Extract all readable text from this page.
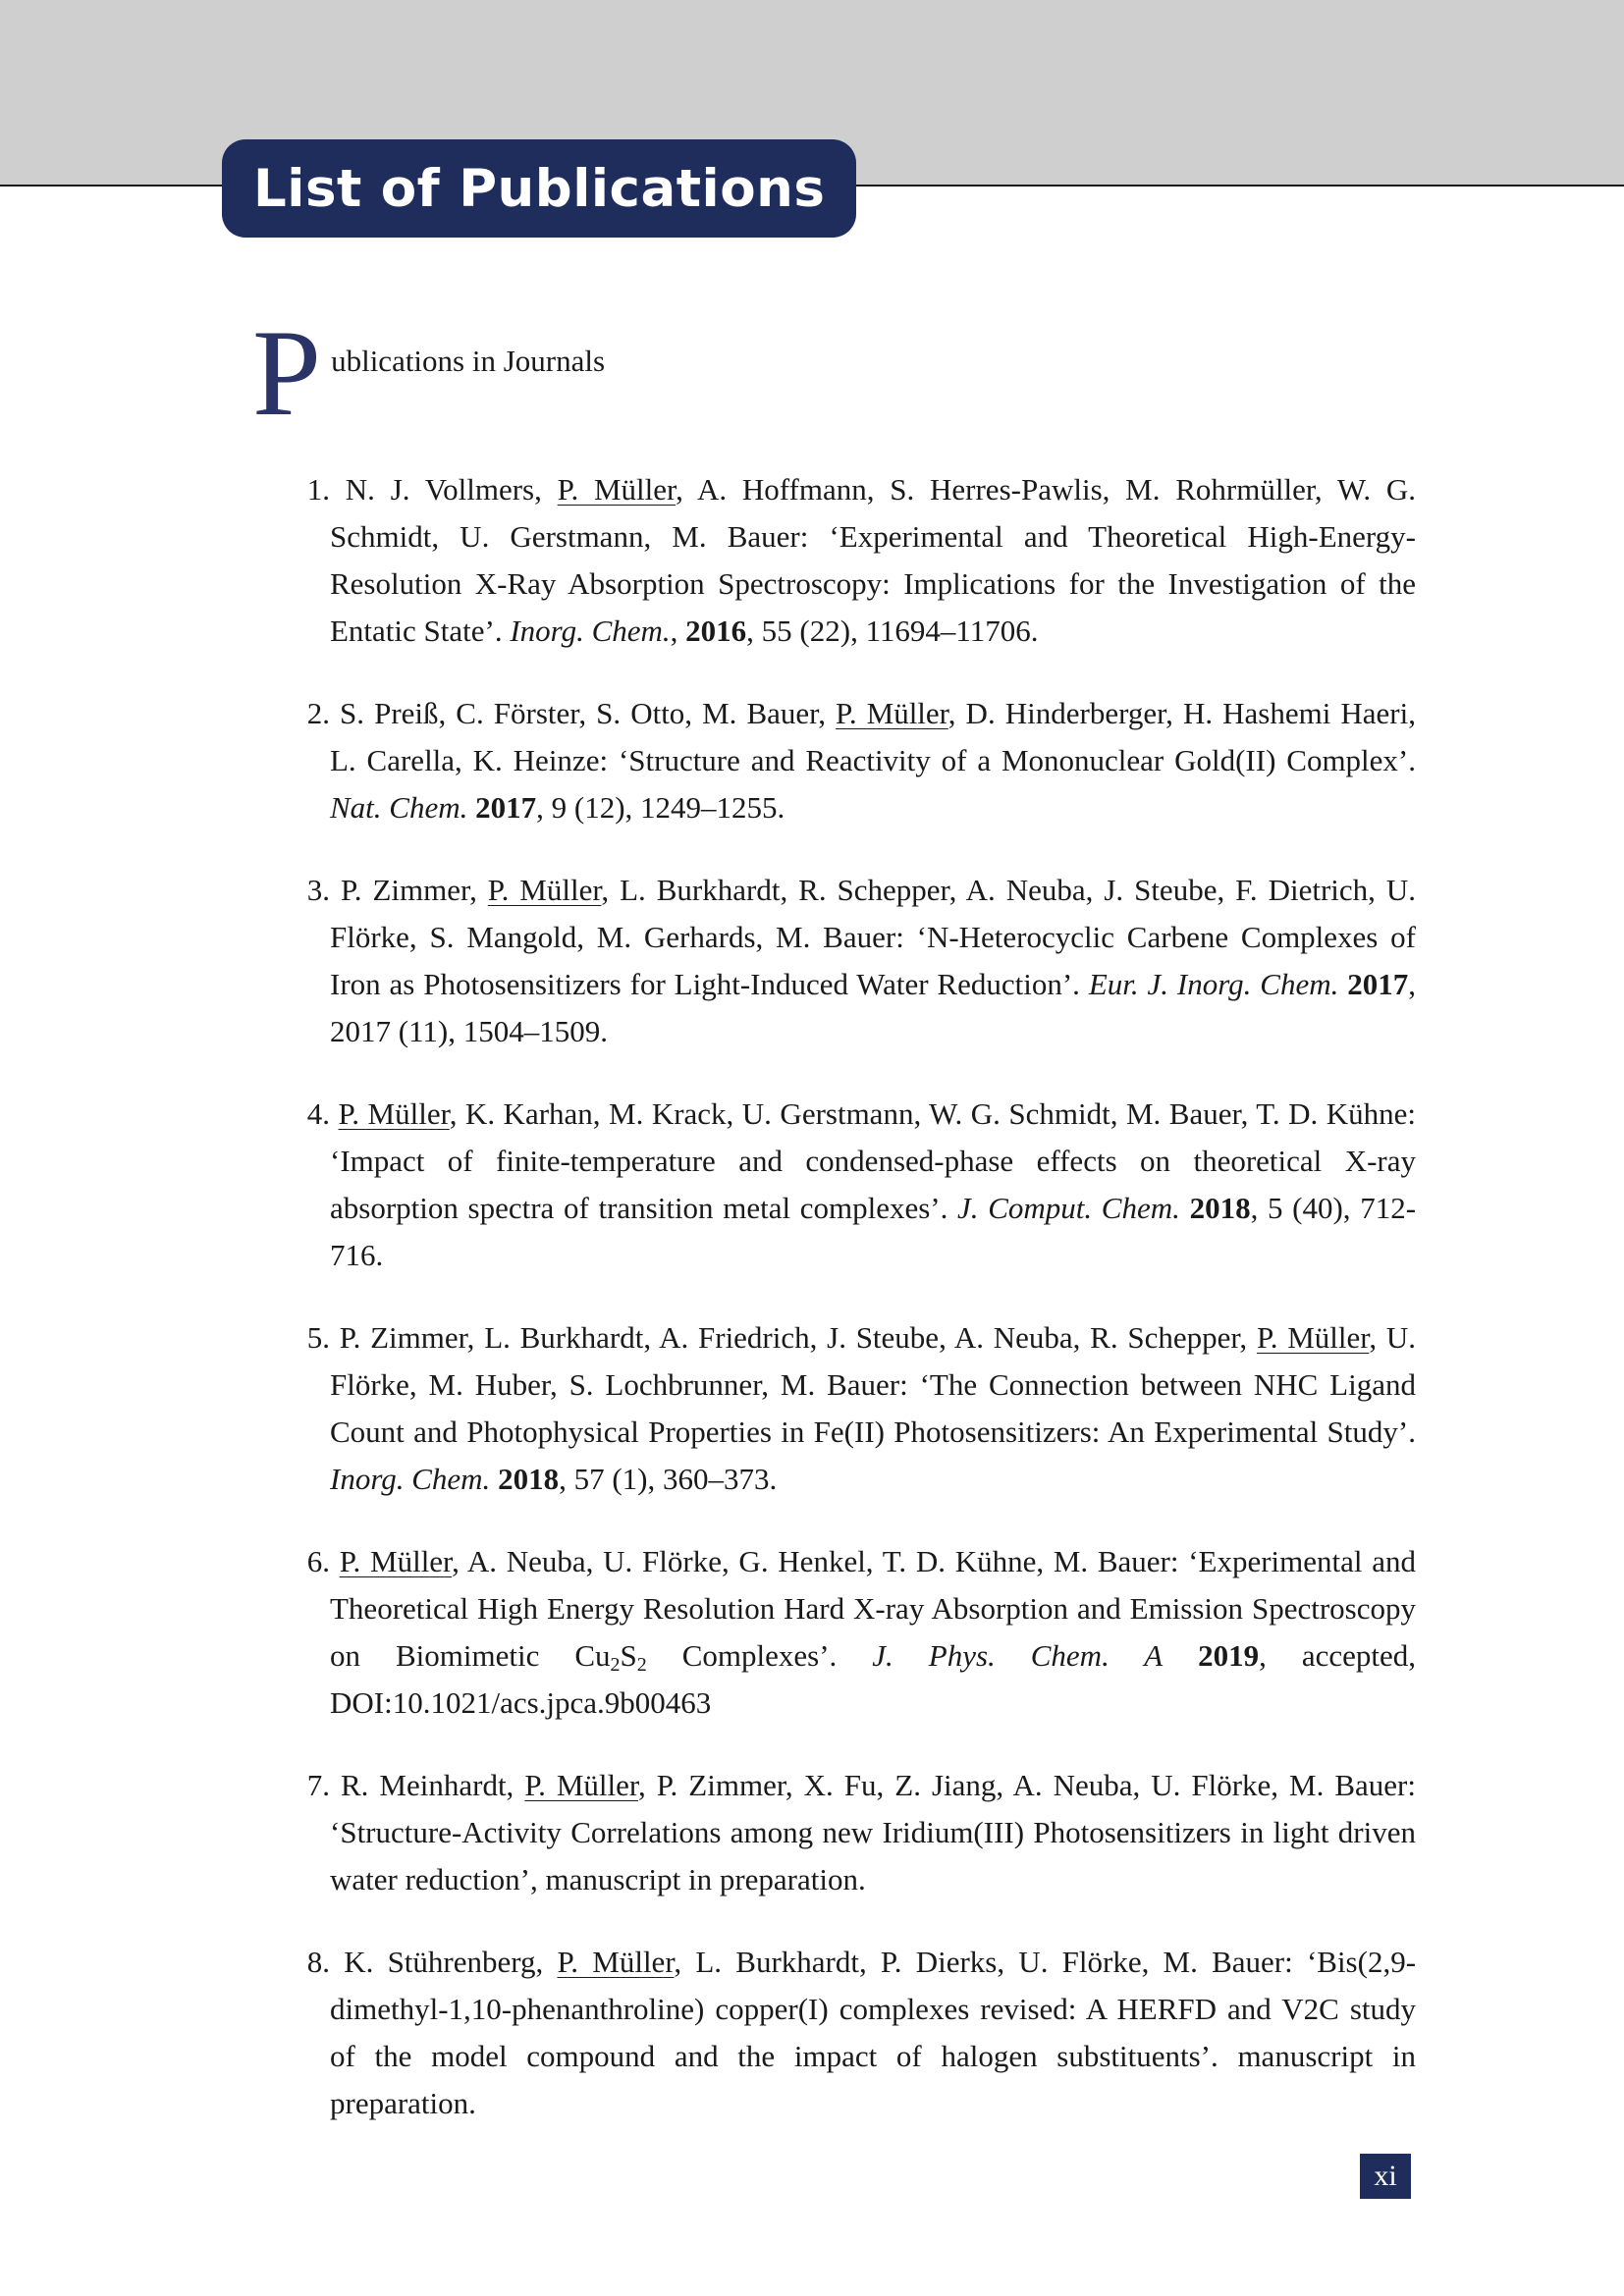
List of Publications
P ublications in Journals
1. N. J. Vollmers, P. Müller, A. Hoffmann, S. Herres-Pawlis, M. Rohrmüller, W. G. Schmidt, U. Gerstmann, M. Bauer: ‘Experimental and Theoretical High-Energy-Resolution X-Ray Absorption Spectroscopy: Implications for the Investigation of the Entatic State’. Inorg. Chem., 2016, 55 (22), 11694–11706.
2. S. Preiß, C. Förster, S. Otto, M. Bauer, P. Müller, D. Hinderberger, H. Hashemi Haeri, L. Carella, K. Heinze: ‘Structure and Reactivity of a Mononuclear Gold(II) Complex’. Nat. Chem. 2017, 9 (12), 1249–1255.
3. P. Zimmer, P. Müller, L. Burkhardt, R. Schepper, A. Neuba, J. Steube, F. Dietrich, U. Flörke, S. Mangold, M. Gerhards, M. Bauer: ‘N-Heterocyclic Carbene Complexes of Iron as Photosensitizers for Light-Induced Water Reduction’. Eur. J. Inorg. Chem. 2017, 2017 (11), 1504–1509.
4. P. Müller, K. Karhan, M. Krack, U. Gerstmann, W. G. Schmidt, M. Bauer, T. D. Kühne: ‘Impact of finite-temperature and condensed-phase effects on theoretical X-ray absorption spectra of transition metal complexes’. J. Comput. Chem. 2018, 5 (40), 712-716.
5. P. Zimmer, L. Burkhardt, A. Friedrich, J. Steube, A. Neuba, R. Schepper, P. Müller, U. Flörke, M. Huber, S. Lochbrunner, M. Bauer: ‘The Connection between NHC Ligand Count and Photophysical Properties in Fe(II) Photosensitizers: An Experimental Study’. Inorg. Chem. 2018, 57 (1), 360–373.
6. P. Müller, A. Neuba, U. Flörke, G. Henkel, T. D. Kühne, M. Bauer: ‘Experimental and Theoretical High Energy Resolution Hard X-ray Absorption and Emission Spectroscopy on Biomimetic $Cu_2S_2$ Complexes’. J. Phys. Chem. A 2019, accepted, DOI:10.1021/acs.jpca.9b00463
7. R. Meinhardt, P. Müller, P. Zimmer, X. Fu, Z. Jiang, A. Neuba, U. Flörke, M. Bauer: ‘Structure-Activity Correlations among new Iridium(III) Photosensitizers in light driven water reduction’, manuscript in preparation.
8. K. Stührenberg, P. Müller, L. Burkhardt, P. Dierks, U. Flörke, M. Bauer: ‘Bis(2,9-dimethyl-1,10-phenanthroline) copper(I) complexes revised: A HERFD and V2C study of the model compound and the impact of halogen substituents’. manuscript in preparation.
xi
